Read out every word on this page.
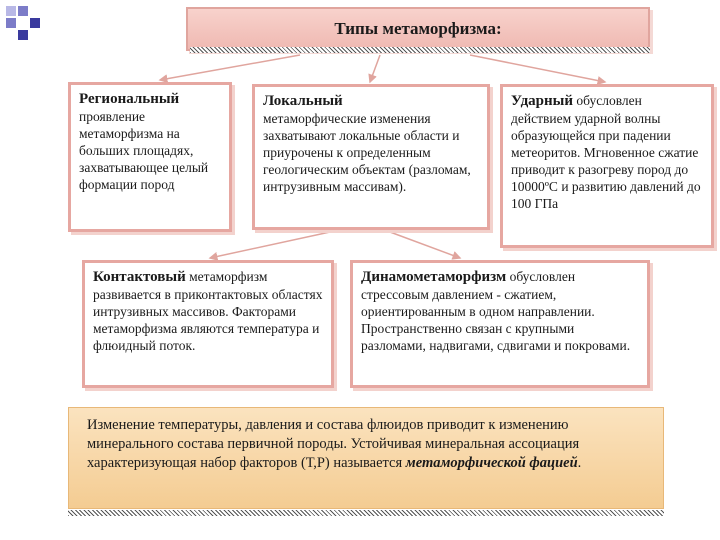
Типы метаморфизма:
Региональный
проявление метаморфизма на больших площадях, захватывающее целый формации пород
Локальный
метаморфические изменения захватывают локальные области и приурочены к определенным геологическим объектам (разломам, интрузивным массивам).
Ударный обусловлен действием ударной волны образующейся при падении метеоритов. Мгновенное сжатие приводит к разогреву пород до 10000ºС и развитию давлений до 100 ГПа
Контактовый метаморфизм развивается в приконтактовых областях интрузивных массивов. Факторами метаморфизма являются температура и флюидный поток.
Динамометаморфизм обусловлен стрессовым давлением - сжатием, ориентированным в одном направлении. Пространственно связан с крупными разломами, надвигами, сдвигами и покровами.
Изменение температуры, давления и состава флюидов приводит к изменению минерального состава первичной породы. Устойчивая минеральная ассоциация характеризующая набор факторов (Т,Р) называется метаморфической фацией.
